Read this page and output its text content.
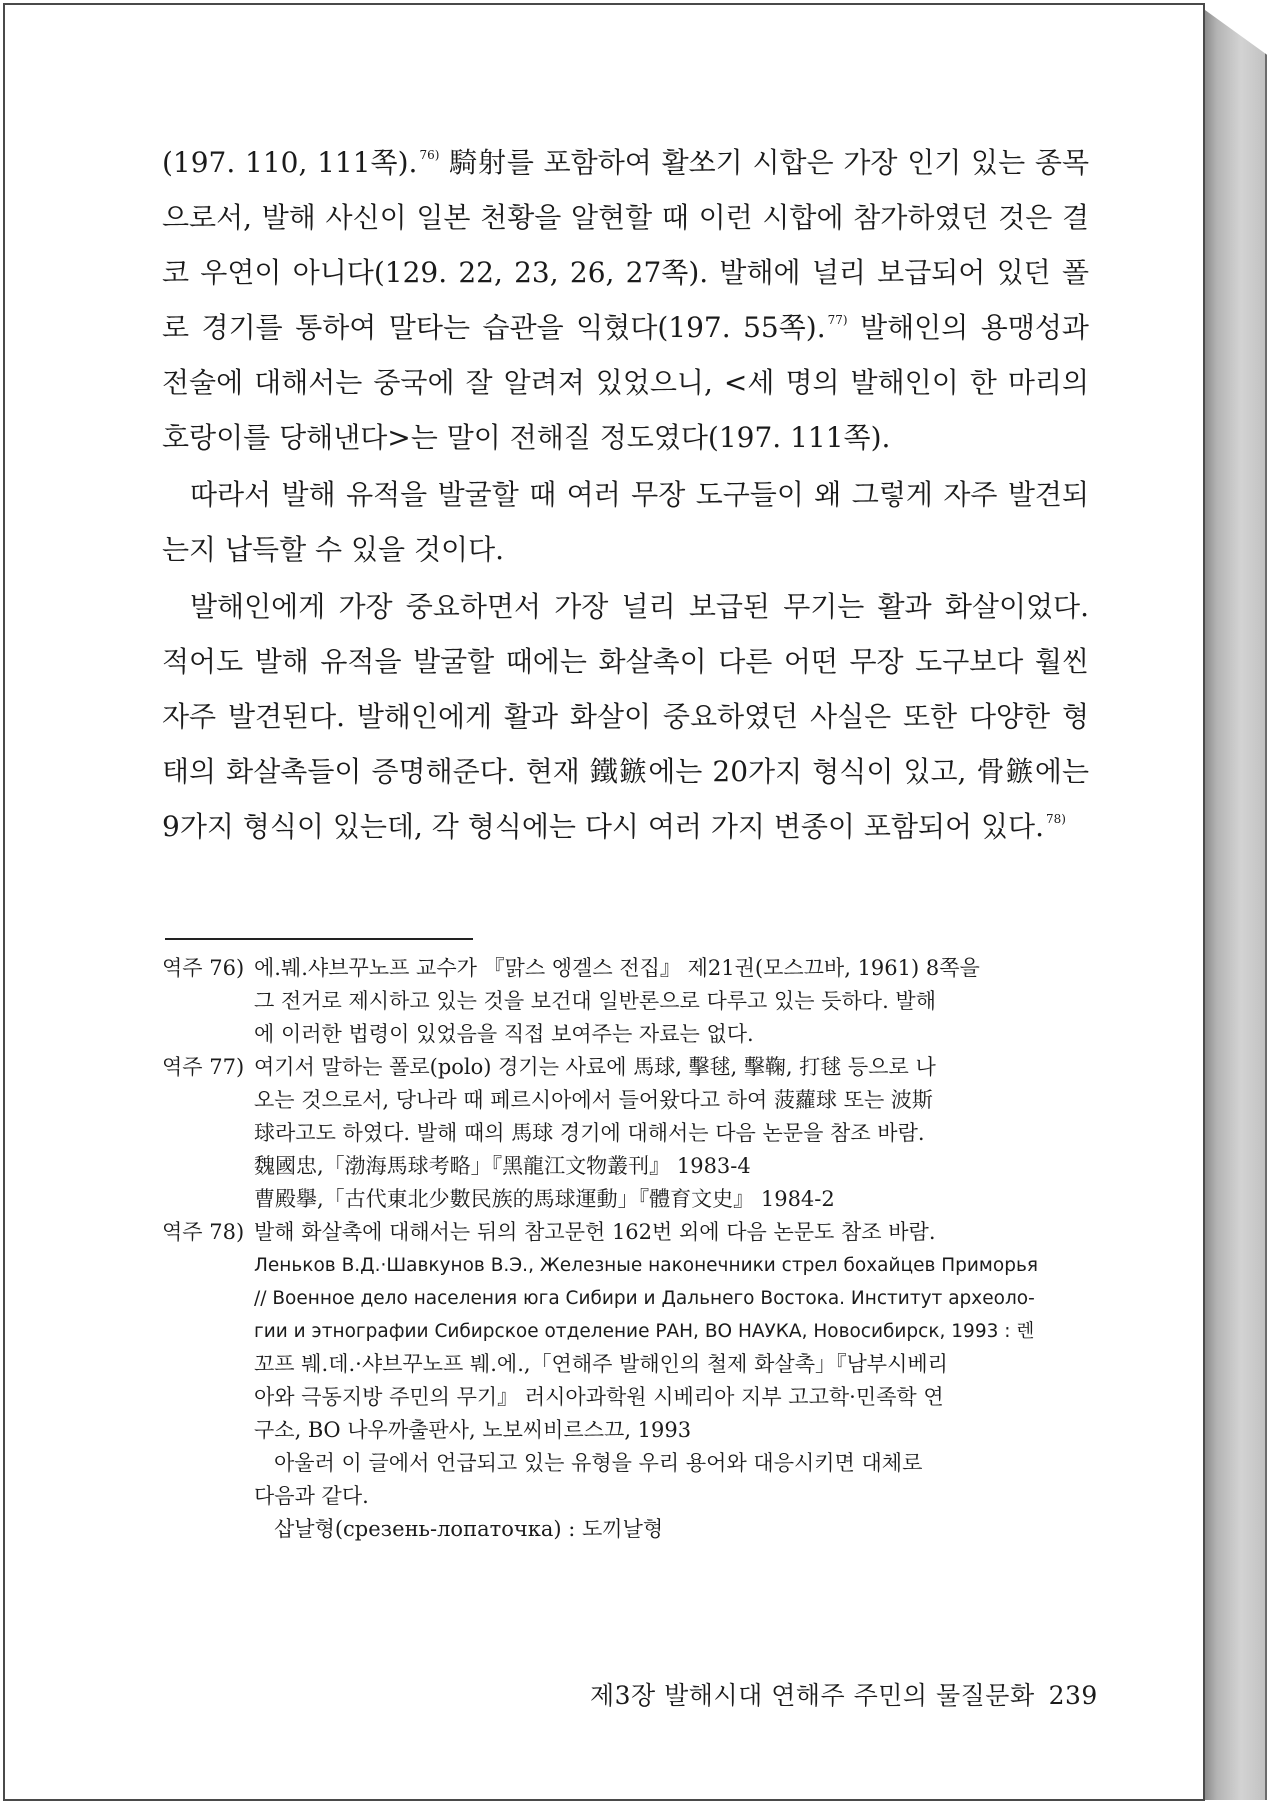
(197. 110, 111쪽). $^{76)}$ 騎射를 포함하여 활쏘기 시합은 가장 인기 있는 종목으로서, 발해 사신이 일본 천황을 알현할 때 이런 시합에 참가하였던 것은 결코 우연이 아니다(129. 22, 23, 26, 27쪽). 발해에 널리 보급되어 있던 폴로 경기를 통하여 말타는 습관을 익혔다(197. 55쪽). $^{77)}$ 발해인의 용맹성과 전술에 대해서는 중국에 잘 알려져 있었으니, <세 명의 발해인이 한 마리의 호랑이를 당해낸다>는 말이 전해질 정도였다(197. 111쪽).

따라서 발해 유적을 발굴할 때 여러 무장 도구들이 왜 그렇게 자주 발견되는지 납득할 수 있을 것이다.

발해인에게 가장 중요하면서 가장 널리 보급된 무기는 활과 화살이었다. 적어도 발해 유적을 발굴할 때에는 화살촉이 다른 어떤 무장 도구보다 훨씬 자주 발견된다. 발해인에게 활과 화살이 중요하였던 사실은 또한 다양한 형태의 화살촉들이 증명해준다. 현재 鐵鏃에는 20가지 형식이 있고, 骨鏃에는 9가지 형식이 있는데, 각 형식에는 다시 여러 가지 변종이 포함되어 있다. $^{78)}$

역주 76) 에.붸.샤브꾸노프 교수가 『맑스 엥겔스 전집』 제21권(모스끄바, 1961) 8쪽을
그 전거로 제시하고 있는 것을 보건대 일반론으로 다루고 있는 듯하다. 발해
에 이러한 법령이 있었음을 직접 보여주는 자료는 없다.
역주 77) 여기서 말하는 폴로(polo) 경기는 사료에 馬球, 擊毬, 擊鞠, 打毬 등으로 나
오는 것으로서, 당나라 때 페르시아에서 들어왔다고 하여 菠蘿球 또는 波斯
球라고도 하였다. 발해 때의 馬球 경기에 대해서는 다음 논문을 참조 바람.
魏國忠,「渤海馬球考略」『黑龍江文物叢刊』 1983-4
曹殿擧,「古代東北少數民族的馬球運動」『體育文史』 1984-2
역주 78) 발해 화살촉에 대해서는 뒤의 참고문헌 162번 외에 다음 논문도 참조 바람.
Леньков В.Д.·Шавкунов В.Э., Железные наконечники стрел бохайцев Приморья
// Военное дело населения юга Сибири и Дальнего Востока. Институт археоло-
гии и этнографии Сибирское отделение РАН, ВО НАУКА, Новосибирск, 1993 : 렌
꼬프 붸.데.·샤브꾸노프 붸.에.,「연해주 발해인의 철제 화살촉」『남부시베리
아와 극동지방 주민의 무기』 러시아과학원 시베리아 지부 고고학·민족학 연
구소, ВО 나우까출판사, 노보씨비르스끄, 1993
아울러 이 글에서 언급되고 있는 유형을 우리 용어와 대응시키면 대체로
다음과 같다.
삽날형(срезень-лопаточка) : 도끼날형
제3장 발해시대 연해주 주민의 물질문화 239
